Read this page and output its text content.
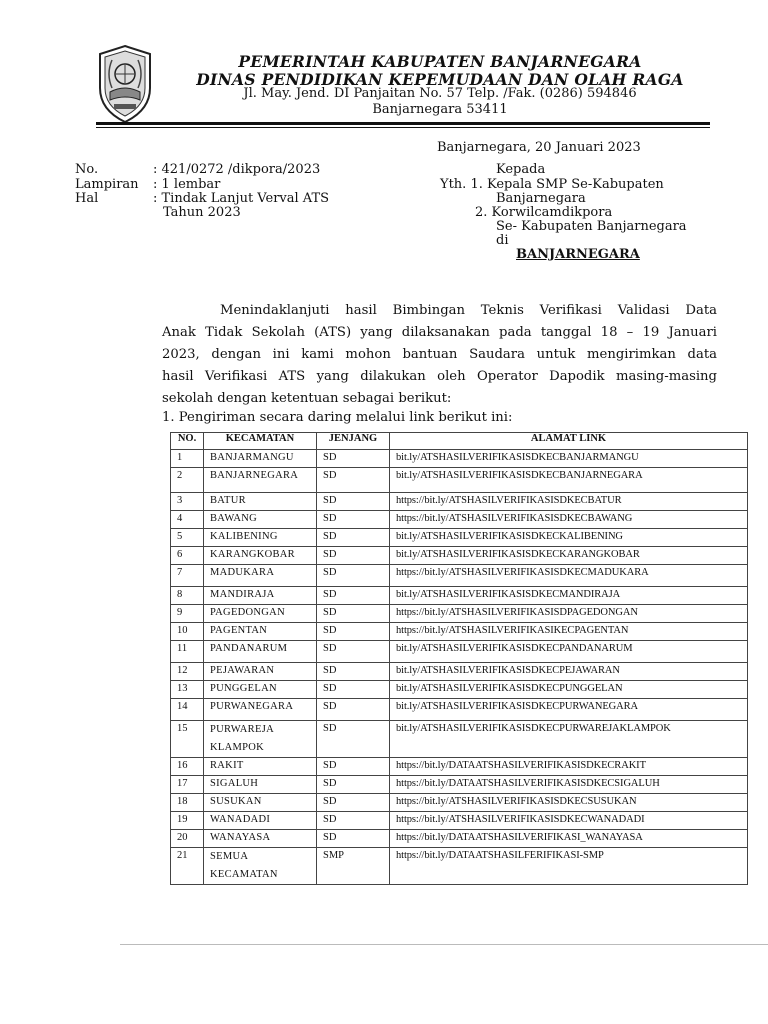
PEMERINTAH KABUPATEN BANJARNEGARA
DINAS PENDIDIKAN KEPEMUDAAN DAN OLAH RAGA
Jl. May. Jend. DI Panjaitan No. 57 Telp. /Fak. (0286) 594846
Banjarnegara 53411
Banjarnegara, 20 Januari 2023
No.	: 421/0272 /dikpora/2023
Lampiran : 1 lembar
Hal	: Tindak Lanjut Verval ATS
Tahun 2023
Kepada
Yth. 1. Kepala SMP Se-Kabupaten
Banjarnegara
2. Korwilcamdikpora
Se- Kabupaten Banjarnegara
di
BANJARNEGARA
Menindaklanjuti hasil Bimbingan Teknis Verifikasi Validasi Data
Anak Tidak Sekolah (ATS) yang dilaksanakan pada tanggal 18 – 19 Januari
2023, dengan ini kami mohon bantuan Saudara untuk mengirimkan data
hasil Verifikasi ATS yang dilakukan oleh Operator Dapodik masing-masing
sekolah dengan ketentuan sebagai berikut:
1. Pengiriman secara daring melalui link berikut ini:
NO.	KECAMATAN	JENJANG	ALAMAT LINK
1	BANJARMANGU	SD	bit.ly/ATSHASILVERIFIKASISDKECBANJARMANGU
2	BANJARNEGARA	SD	bit.ly/ATSHASILVERIFIKASISDKECBANJARNEGARA
3	BATUR	SD	https://bit.ly/ATSHASILVERIFIKASISDKECBATUR
4	BAWANG	SD	https://bit.ly/ATSHASILVERIFIKASISDKECBAWANG
5	KALIBENING	SD	bit.ly/ATSHASILVERIFIKASISDKECKALIBENING
6	KARANGKOBAR	SD	bit.ly/ATSHASILVERIFIKASISDKECKARANGKOBAR
7	MADUKARA	SD	https://bit.ly/ATSHASILVERIFIKASISDKECMADUKARA
8	MANDIRAJA	SD	bit.ly/ATSHASILVERIFIKASISDKECMANDIRAJA
9	PAGEDONGAN	SD	https://bit.ly/ATSHASILVERIFIKASISDPAGEDONGAN
10	PAGENTAN	SD	https://bit.ly/ATSHASILVERIFIKASIKECPAGENTAN
11	PANDANARUM	SD	bit.ly/ATSHASILVERIFIKASISDKECPANDANARUM
12	PEJAWARAN	SD	bit.ly/ATSHASILVERIFIKASISDKECPEJAWARAN
13	PUNGGELAN	SD	bit.ly/ATSHASILVERIFIKASISDKECPUNGGELAN
14	PURWANEGARA	SD	bit.ly/ATSHASILVERIFIKASISDKECPURWANEGARA
15	PURWAREJA
KLAMPOK	SD	bit.ly/ATSHASILVERIFIKASISDKECPURWAREJAKLAMPOK
16	RAKIT	SD	https://bit.ly/DATAATSHASILVERIFIKASISDKECRAKIT
17	SIGALUH	SD	https://bit.ly/DATAATSHASILVERIFIKASISDKECSIGALUH
18	SUSUKAN	SD	https://bit.ly/ATSHASILVERIFIKASISDKECSUSUKAN
19	WANADADI	SD	https://bit.ly/ATSHASILVERIFIKASISDKECWANADADI
20	WANAYASA	SD	https://bit.ly/DATAATSHASILVERIFIKASI_WANAYASA
21	SEMUA
KECAMATAN	SMP	https://bit.ly/DATAATSHASILFERIFIKASI-SMP
